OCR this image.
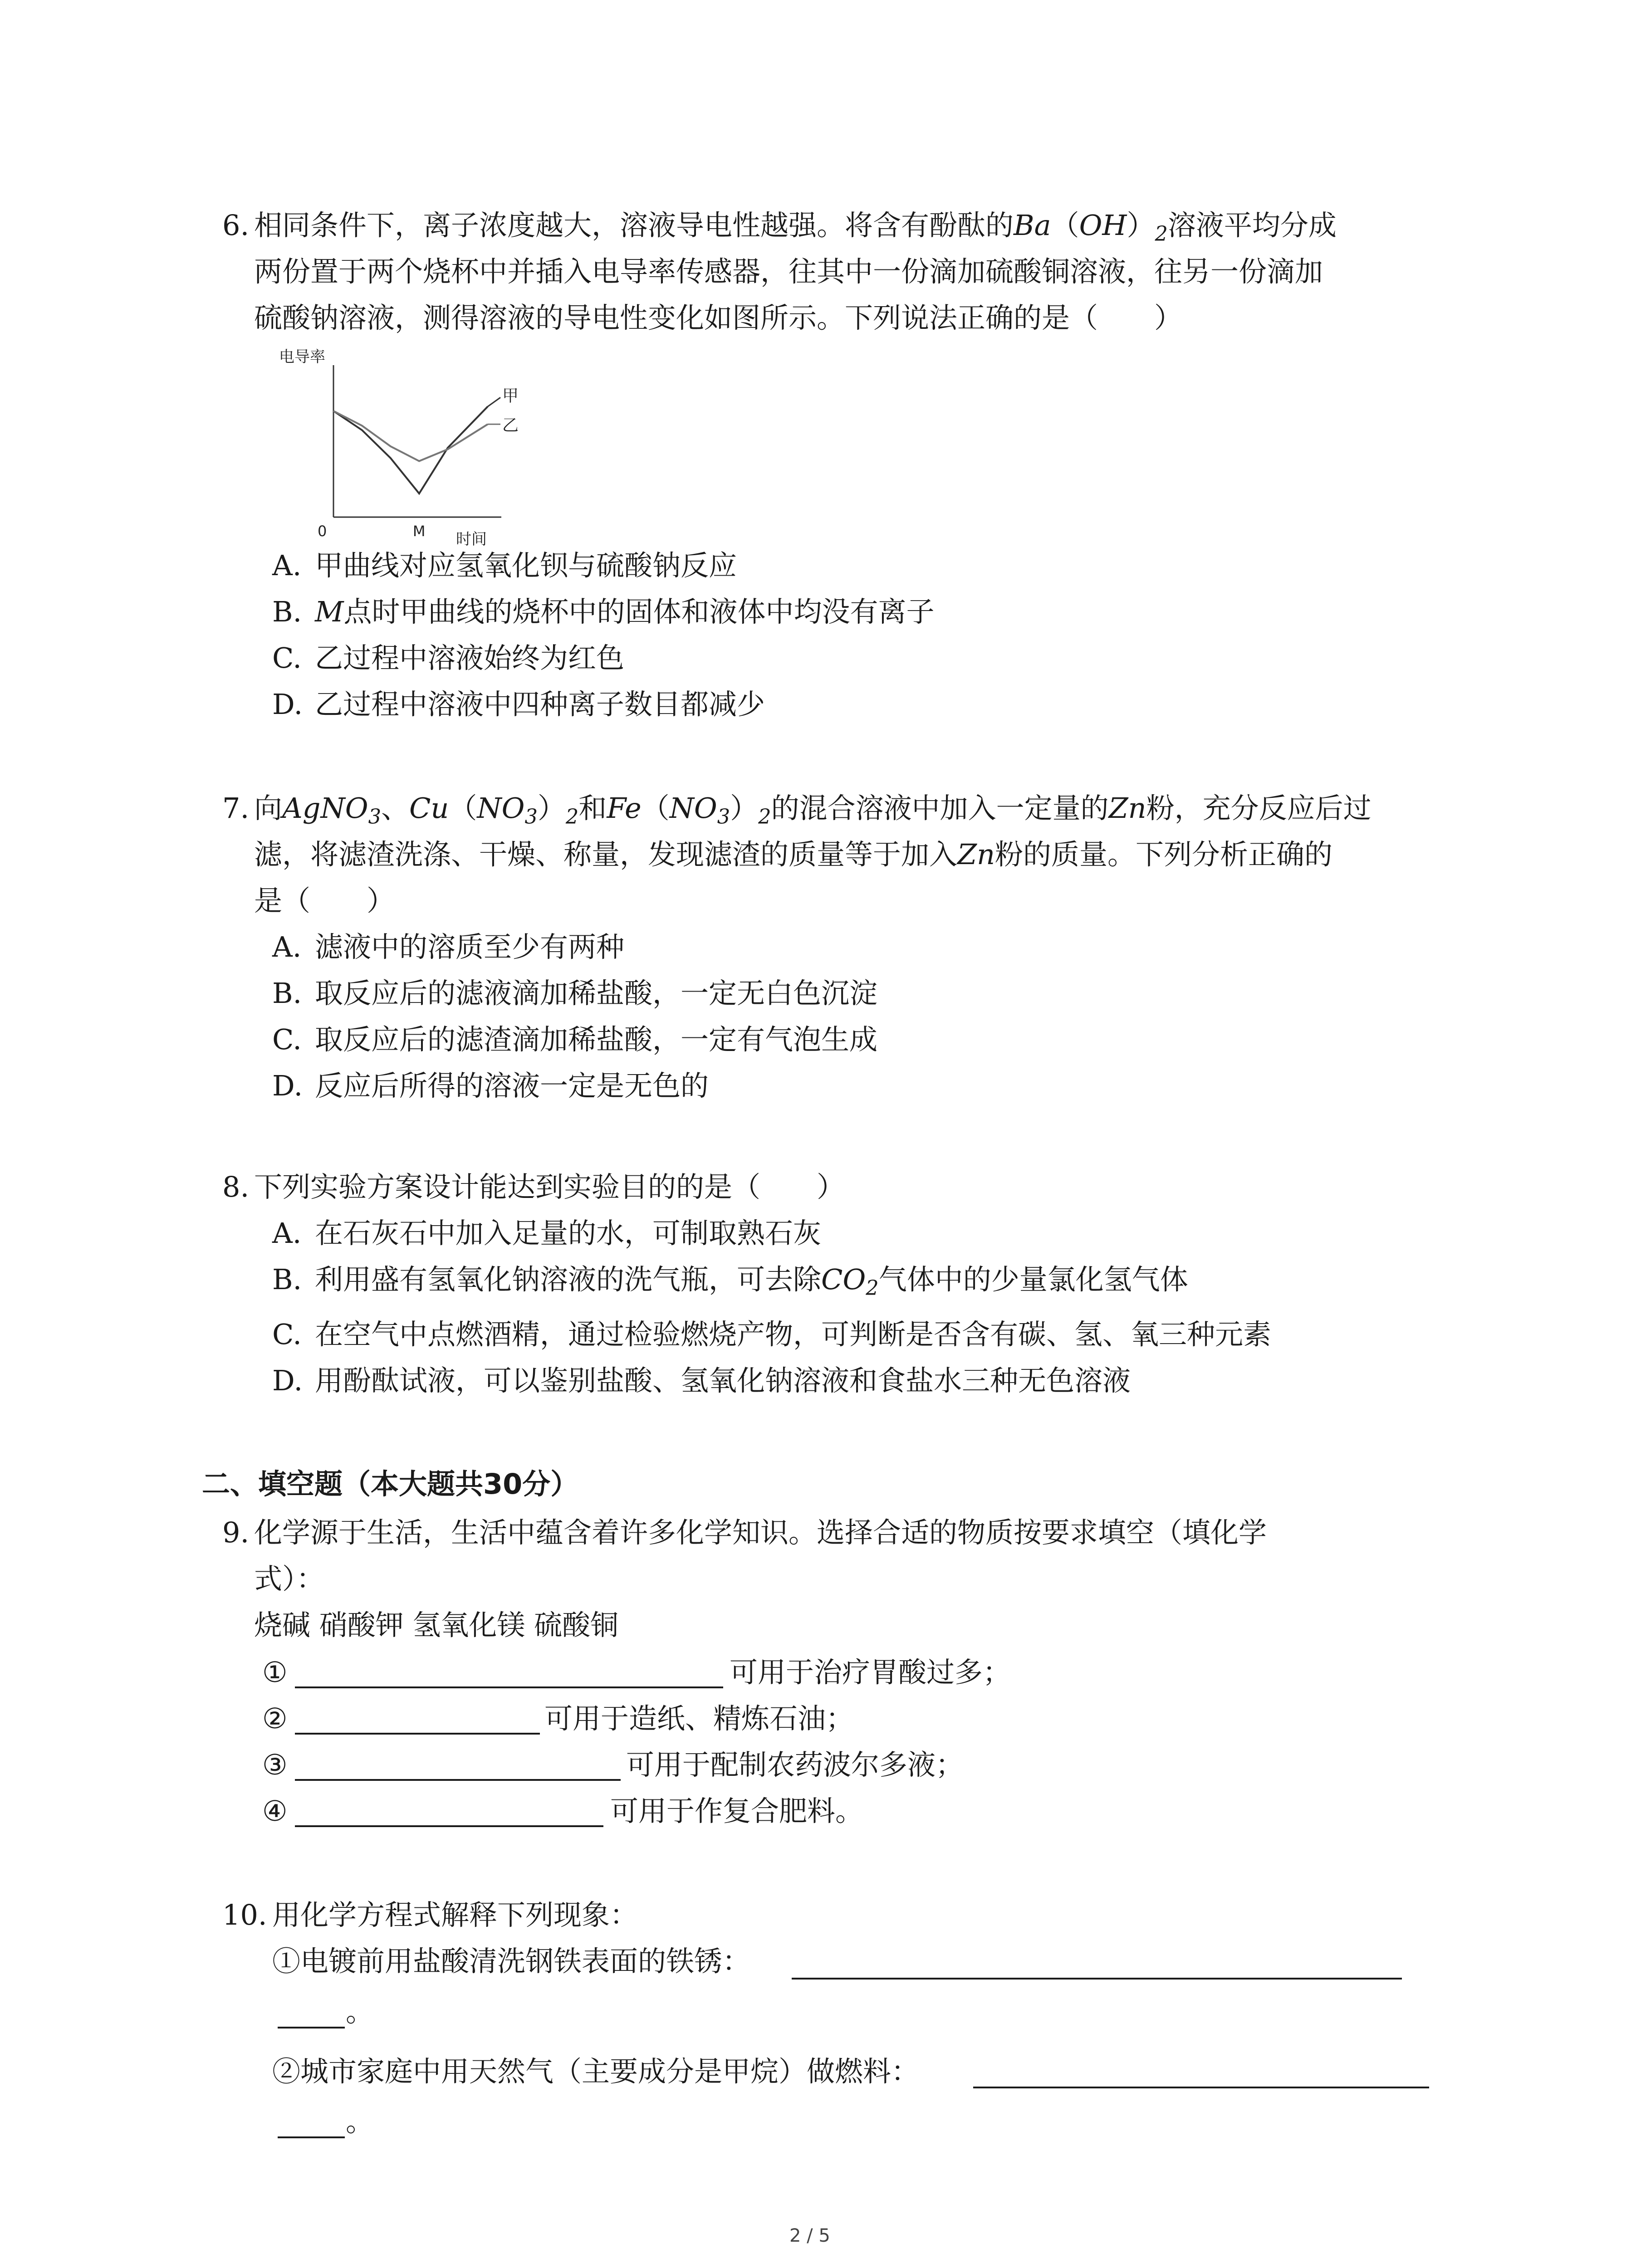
6. 相同条件下，离子浓度越大，溶液导电性越强。将含有酚酞的$Ba(OH)_2$溶液平均分成
两份置于两个烧杯中并插入电导率传感器，往其中一份滴加硫酸铜溶液，往另一份滴加
硫酸钠溶液，测得溶液的导电性变化如图所示。下列说法正确的是（　　）
电导率
时间
0	M
甲
乙
A. 甲曲线对应氢氧化钡与硫酸钠反应
B. M点时甲曲线的烧杯中的固体和液体中均没有离子
C. 乙过程中溶液始终为红色
D. 乙过程中溶液中四种离子数目都减少
7. 向AgNO$_3$、$Cu(NO_3)_2$和$Fe(NO_3)_2$的混合溶液中加入一定量的Zn粉，充分反应后过
滤，将滤渣洗涤、干燥、称量，发现滤渣的质量等于加入Zn粉的质量。下列分析正确的
是（　　）
A. 滤液中的溶质至少有两种
B. 取反应后的滤液滴加稀盐酸，一定无白色沉淀
C. 取反应后的滤渣滴加稀盐酸，一定有气泡生成
D. 反应后所得的溶液一定是无色的
8. 下列实验方案设计能达到实验目的的是（　　）
A. 在石灰石中加入足量的水，可制取熟石灰
B. 利用盛有氢氧化钠溶液的洗气瓶，可去除$CO_2$气体中的少量氯化氢气体
C. 在空气中点燃酒精，通过检验燃烧产物，可判断是否含有碳、氢、氧三种元素
D. 用酚酞试液，可以鉴别盐酸、氢氧化钠溶液和食盐水三种无色溶液
二、填空题（本大题共30分）
9. 化学源于生活，生活中蕴含着许多化学知识。选择合适的物质按要求填空（填化学
式）：
烧碱 硝酸钾 氢氧化镁 硫酸铜
①	可用于治疗胃酸过多；
②	可用于造纸、精炼石油；
③	可用于配制农药波尔多液；
④	可用于作复合肥料。
10. 用化学方程式解释下列现象：
①电镀前用盐酸清洗钢铁表面的铁锈：
。
②城市家庭中用天然气（主要成分是甲烷）做燃料：
。
2 / 5
